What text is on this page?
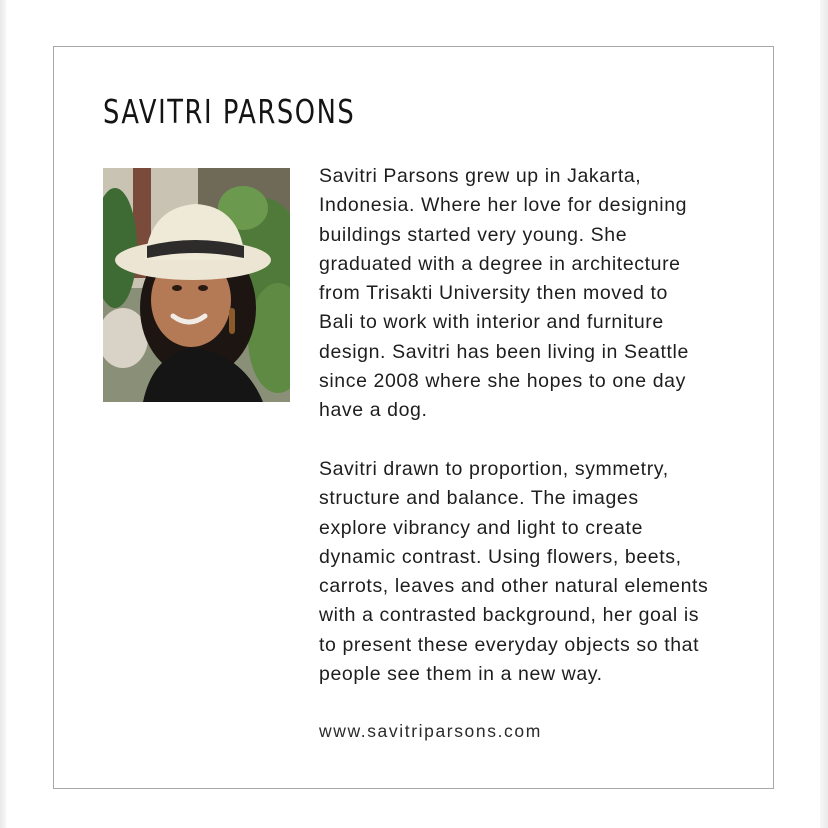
SAVITRI PARSONS

Savitri Parsons grew up in Jakarta,
Indonesia. Where her love for designing
buildings started very young. She
graduated with a degree in architecture
from Trisakti University then moved to
Bali to work with interior and furniture
design. Savitri has been living in Seattle
since 2008 where she hopes to one day
have a dog.

Savitri drawn to proportion, symmetry,
structure and balance. The images
explore vibrancy and light to create
dynamic contrast. Using flowers, beets,
carrots, leaves and other natural elements
with a contrasted background, her goal is
to present these everyday objects so that
people see them in a new way.

www.savitriparsons.com
